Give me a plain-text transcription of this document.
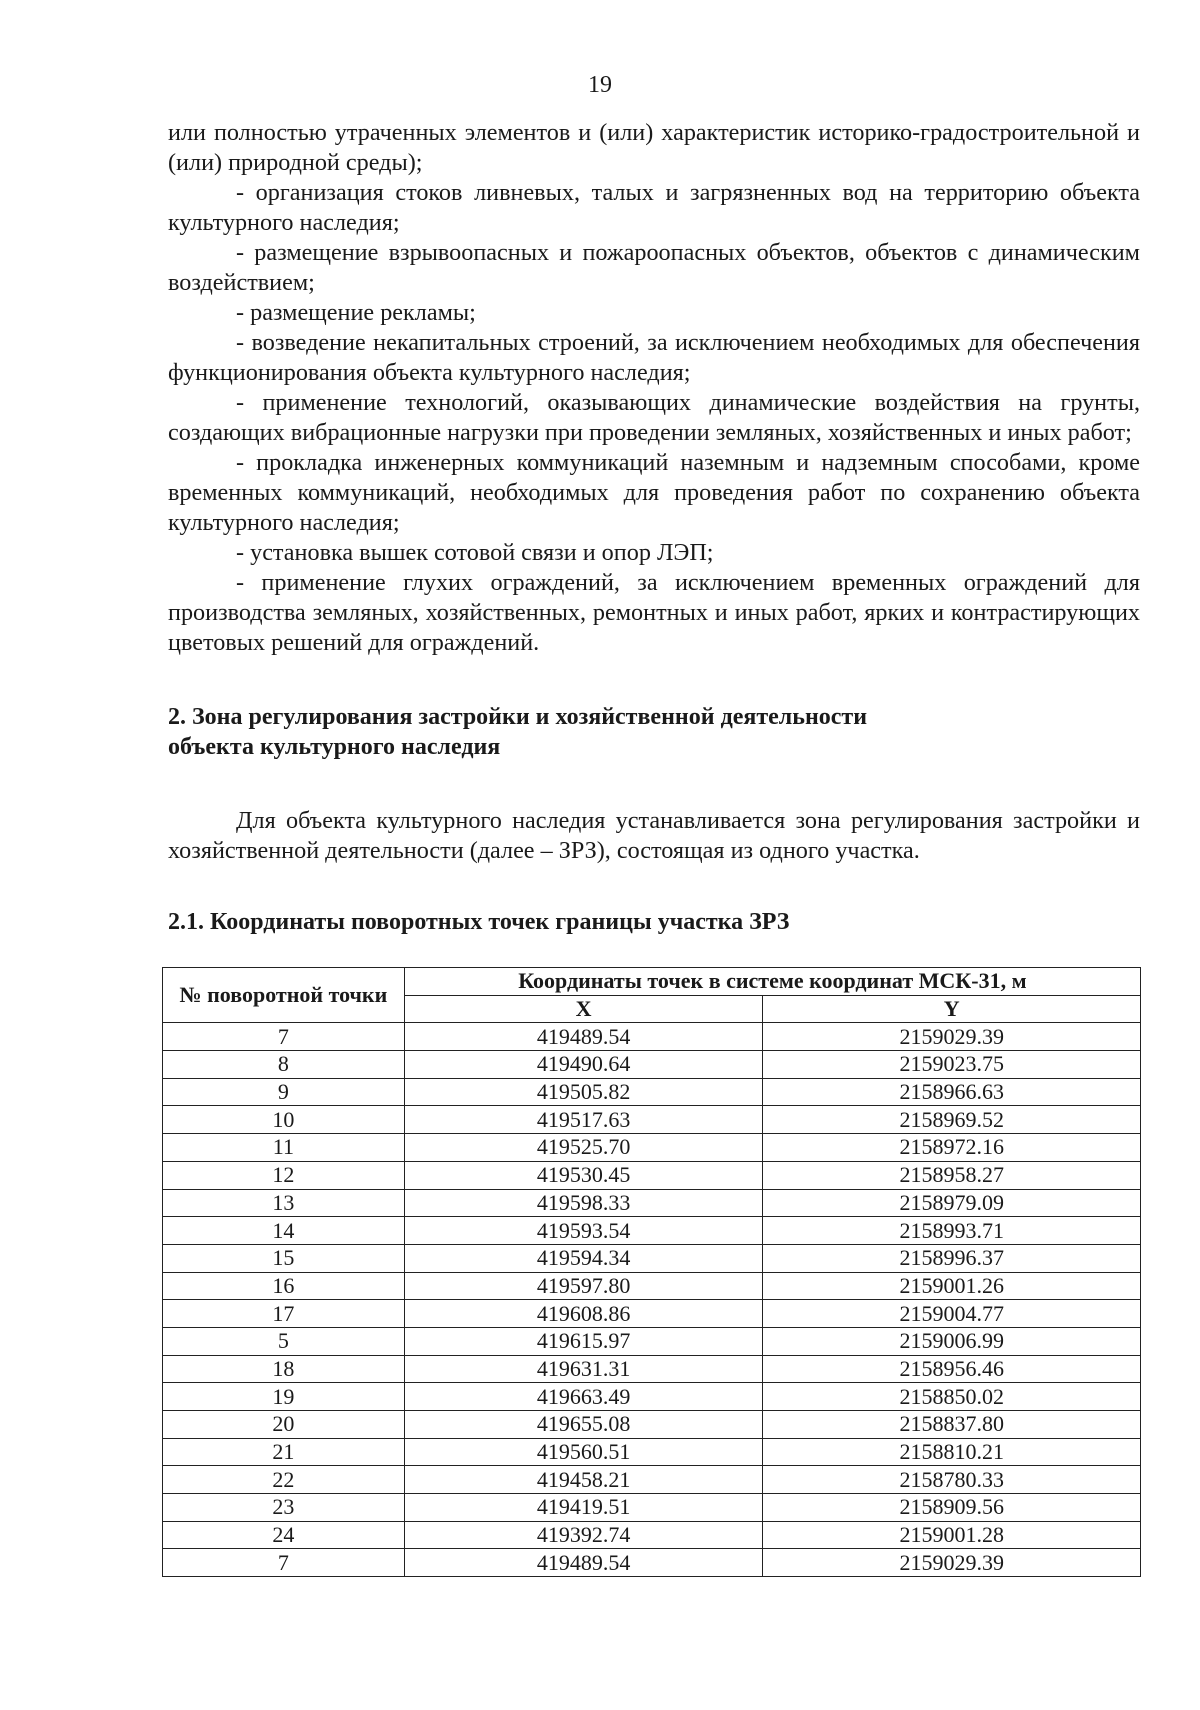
19

или полностью утраченных элементов и (или) характеристик историко-градостроительной и (или) природной среды);

- организация стоков ливневых, талых и загрязненных вод на территорию объекта культурного наследия;

- размещение взрывоопасных и пожароопасных объектов, объектов с динамическим воздействием;

- размещение рекламы;

- возведение некапитальных строений, за исключением необходимых для обеспечения функционирования объекта культурного наследия;

- применение технологий, оказывающих динамические воздействия на грунты, создающих вибрационные нагрузки при проведении земляных, хозяйственных и иных работ;

- прокладка инженерных коммуникаций наземным и надземным способами, кроме временных коммуникаций, необходимых для проведения работ по сохранению объекта культурного наследия;

- установка вышек сотовой связи и опор ЛЭП;

- применение глухих ограждений, за исключением временных ограждений для производства земляных, хозяйственных, ремонтных и иных работ, ярких и контрастирующих цветовых решений для ограждений.

2. Зона регулирования застройки и хозяйственной деятельности
объекта культурного наследия

Для объекта культурного наследия устанавливается зона регулирования застройки и хозяйственной деятельности (далее – ЗРЗ), состоящая из одного участка.

2.1. Координаты поворотных точек границы участка ЗРЗ

№ поворотной точки	Координаты точек в системе координат МСК-31, м	
	X	Y
7	419489.54	2159029.39
8	419490.64	2159023.75
9	419505.82	2158966.63
10	419517.63	2158969.52
11	419525.70	2158972.16
12	419530.45	2158958.27
13	419598.33	2158979.09
14	419593.54	2158993.71
15	419594.34	2158996.37
16	419597.80	2159001.26
17	419608.86	2159004.77
5	419615.97	2159006.99
18	419631.31	2158956.46
19	419663.49	2158850.02
20	419655.08	2158837.80
21	419560.51	2158810.21
22	419458.21	2158780.33
23	419419.51	2158909.56
24	419392.74	2159001.28
7	419489.54	2159029.39
